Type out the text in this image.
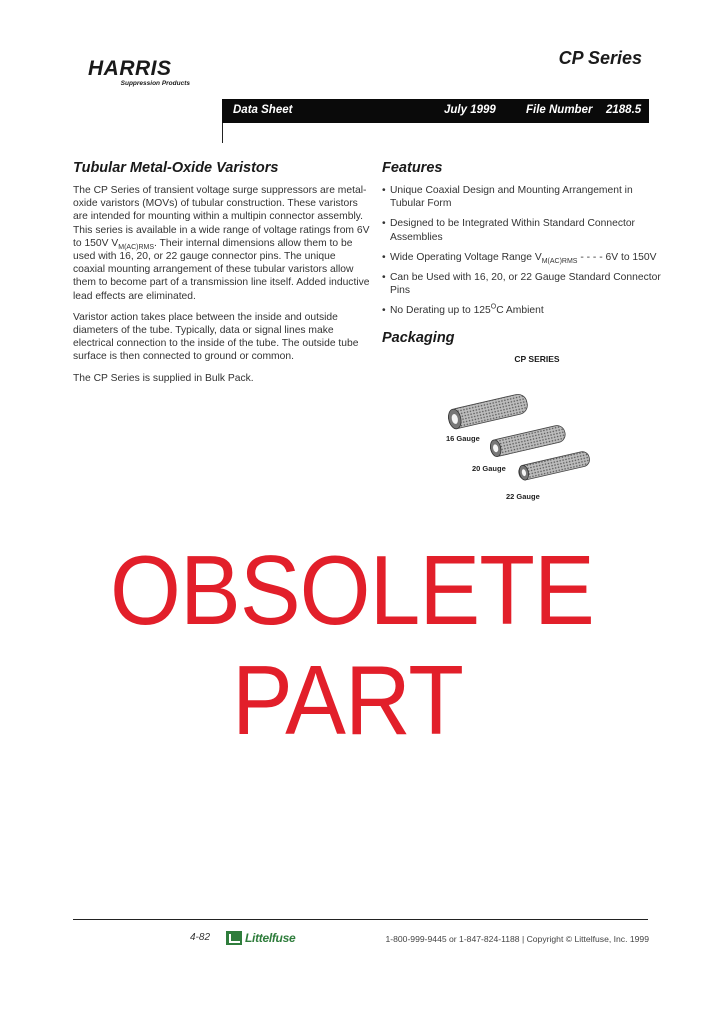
HARRIS
Suppression Products
CP Series
Data Sheet	July 1999	File Number 2188.5
Tubular Metal-Oxide Varistors

The CP Series of transient voltage surge suppressors are metal-oxide varistors (MOVs) of tubular construction. These varistors are intended for mounting within a multipin connector assembly. This series is available in a wide range of voltage ratings from 6V to 150V $V_{M(AC)RMS}$. Their internal dimensions allow them to be used with 16, 20, or 22 gauge connector pins. The unique coaxial mounting arrangement of these tubular varistors allow them to become part of a transmission line itself. Added inductive lead effects are eliminated.

Varistor action takes place between the inside and outside diameters of the tube. Typically, data or signal lines make electrical connection to the inside of the tube. The outside tube surface is then connected to ground or common.

The CP Series is supplied in Bulk Pack.

Features
• Unique Coaxial Design and Mounting Arrangement in Tubular Form
• Designed to be Integrated Within Standard Connector Assemblies
• Wide Operating Voltage Range $V_{M(AC)RMS}$ - - - - 6V to 150V
• Can be Used with 16, 20, or 22 Gauge Standard Connector Pins
• No Derating up to $125^OC$ Ambient
Packaging
CP SERIES
16 Gauge
20 Gauge
22 Gauge
OBSOLETE
PART
4-82	Littelfuse	1-800-999-9445 or 1-847-824-1188 | Copyright © Littelfuse, Inc. 1999
